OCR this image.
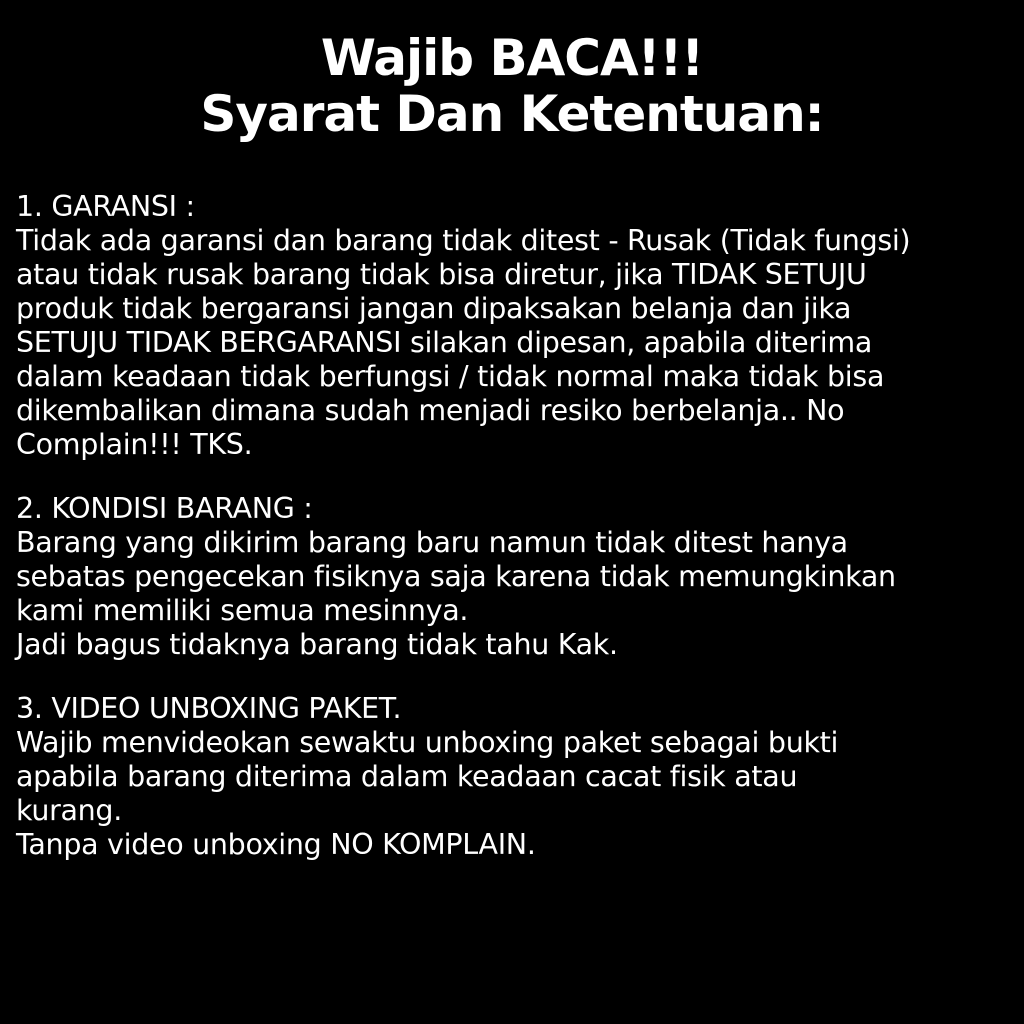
Wajib BACA!!!
Syarat Dan Ketentuan:
1. GARANSI :
Tidak ada garansi dan barang tidak ditest - Rusak (Tidak fungsi)
atau tidak rusak barang tidak bisa diretur, jika TIDAK SETUJU
produk tidak bergaransi jangan dipaksakan belanja dan jika
SETUJU TIDAK BERGARANSI silakan dipesan, apabila diterima
dalam keadaan tidak berfungsi / tidak normal maka tidak bisa
dikembalikan dimana sudah menjadi resiko berbelanja.. No
Complain!!! TKS.
2. KONDISI BARANG :
Barang yang dikirim barang baru namun tidak ditest hanya
sebatas pengecekan fisiknya saja karena tidak memungkinkan
kami memiliki semua mesinnya.
Jadi bagus tidaknya barang tidak tahu Kak.
3. VIDEO UNBOXING PAKET.
Wajib menvideokan sewaktu unboxing paket sebagai bukti
apabila barang diterima dalam keadaan cacat fisik atau
kurang.
Tanpa video unboxing NO KOMPLAIN.
